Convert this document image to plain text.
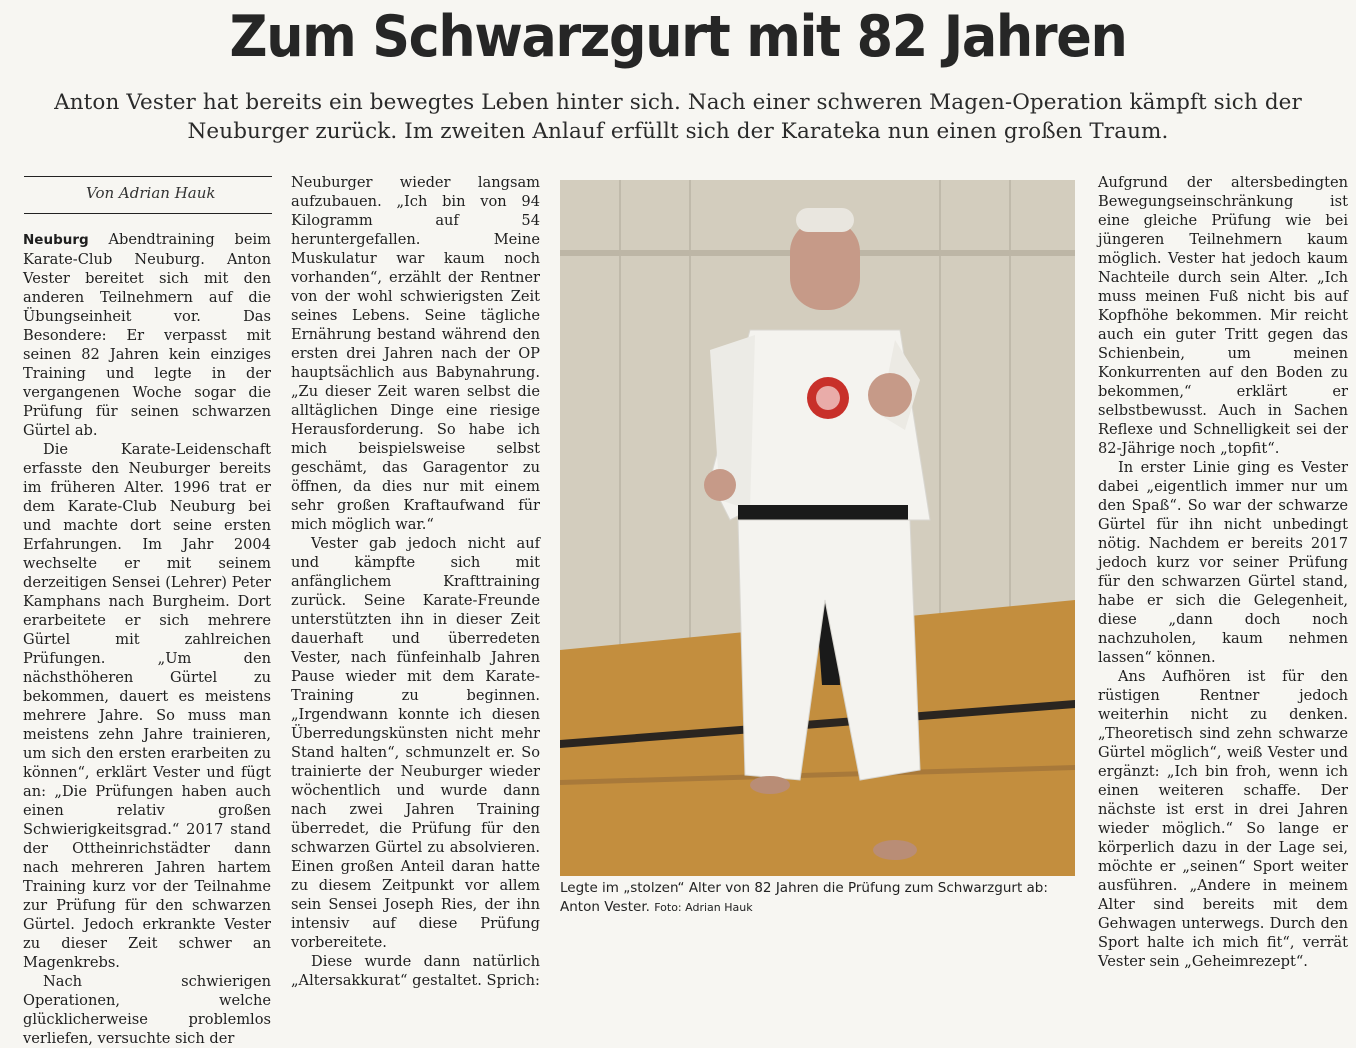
Zum Schwarzgurt mit 82 Jahren
Anton Vester hat bereits ein bewegtes Leben hinter sich. Nach einer schweren Magen-Operation kämpft sich der Neuburger zurück. Im zweiten Anlauf erfüllt sich der Karateka nun einen großen Traum.
Von Adrian Hauk

Neuburg Abendtraining beim Karate-Club Neuburg. Anton Vester bereitet sich mit den anderen Teilnehmern auf die Übungseinheit vor. Das Besondere: Er verpasst mit seinen 82 Jahren kein einziges Training und legte in der vergangenen Woche sogar die Prüfung für seinen schwarzen Gürtel ab.

Die Karate-Leidenschaft erfasste den Neuburger bereits im früheren Alter. 1996 trat er dem Karate-Club Neuburg bei und machte dort seine ersten Erfahrungen. Im Jahr 2004 wechselte er mit seinem derzeitigen Sensei (Lehrer) Peter Kamphans nach Burgheim. Dort erarbeitete er sich mehrere Gürtel mit zahlreichen Prüfungen. „Um den nächsthöheren Gürtel zu bekommen, dauert es meistens mehrere Jahre. So muss man meistens zehn Jahre trainieren, um sich den ersten erarbeiten zu können“, erklärt Vester und fügt an: „Die Prüfungen haben auch einen relativ großen Schwierigkeitsgrad.“ 2017 stand der Ottheinrichstädter dann nach mehreren Jahren hartem Training kurz vor der Teilnahme zur Prüfung für den schwarzen Gürtel. Jedoch erkrankte Vester zu dieser Zeit schwer an Magenkrebs.

Nach schwierigen Operationen, welche glücklicherweise problemlos verliefen, versuchte sich der

Neuburger wieder langsam aufzubauen. „Ich bin von 94 Kilogramm auf 54 heruntergefallen. Meine Muskulatur war kaum noch vorhanden“, erzählt der Rentner von der wohl schwierigsten Zeit seines Lebens. Seine tägliche Ernährung bestand während den ersten drei Jahren nach der OP hauptsächlich aus Babynahrung. „Zu dieser Zeit waren selbst die alltäglichen Dinge eine riesige Herausforderung. So habe ich mich beispielsweise selbst geschämt, das Garagentor zu öffnen, da dies nur mit einem sehr großen Kraftaufwand für mich möglich war.“

Vester gab jedoch nicht auf und kämpfte sich mit anfänglichem Krafttraining zurück. Seine Karate-Freunde unterstützten ihn in dieser Zeit dauerhaft und überredeten Vester, nach fünfeinhalb Jahren Pause wieder mit dem Karate-Training zu beginnen. „Irgendwann konnte ich diesen Überredungskünsten nicht mehr Stand halten“, schmunzelt er. So trainierte der Neuburger wieder wöchentlich und wurde dann nach zwei Jahren Training überredet, die Prüfung für den schwarzen Gürtel zu absolvieren. Einen großen Anteil daran hatte zu diesem Zeitpunkt vor allem sein Sensei Joseph Ries, der ihn intensiv auf diese Prüfung vorbereitete.

Diese wurde dann natürlich „Altersakkurat“ gestaltet. Sprich:

Legte im „stolzen“ Alter von 82 Jahren die Prüfung zum Schwarzgurt ab: Anton Vester. Foto: Adrian Hauk

Aufgrund der altersbedingten Bewegungseinschränkung ist eine gleiche Prüfung wie bei jüngeren Teilnehmern kaum möglich. Vester hat jedoch kaum Nachteile durch sein Alter. „Ich muss meinen Fuß nicht bis auf Kopfhöhe bekommen. Mir reicht auch ein guter Tritt gegen das Schienbein, um meinen Konkurrenten auf den Boden zu bekommen,“ erklärt er selbstbewusst. Auch in Sachen Reflexe und Schnelligkeit sei der 82-Jährige noch „topfit“.

In erster Linie ging es Vester dabei „eigentlich immer nur um den Spaß“. So war der schwarze Gürtel für ihn nicht unbedingt nötig. Nachdem er bereits 2017 jedoch kurz vor seiner Prüfung für den schwarzen Gürtel stand, habe er sich die Gelegenheit, diese „dann doch noch nachzuholen, kaum nehmen lassen“ können.

Ans Aufhören ist für den rüstigen Rentner jedoch weiterhin nicht zu denken. „Theoretisch sind zehn schwarze Gürtel möglich“, weiß Vester und ergänzt: „Ich bin froh, wenn ich einen weiteren schaffe. Der nächste ist erst in drei Jahren wieder möglich.“ So lange er körperlich dazu in der Lage sei, möchte er „seinen“ Sport weiter ausführen. „Andere in meinem Alter sind bereits mit dem Gehwagen unterwegs. Durch den Sport halte ich mich fit“, verrät Vester sein „Geheimrezept“.
